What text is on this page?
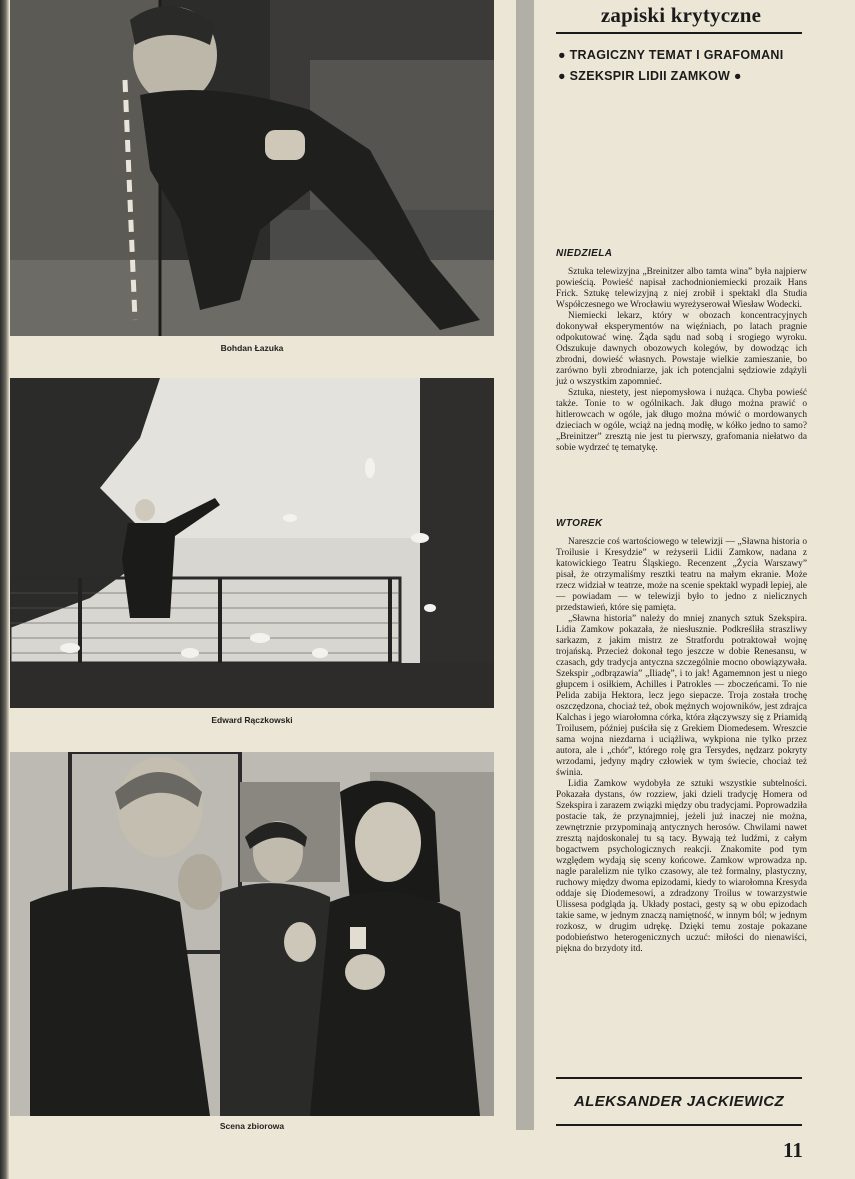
Bohdan Łazuka
Edward Rączkowski
Scena zbiorowa
zapiski krytyczne
● TRAGICZNY TEMAT I GRAFOMANI
● SZEKSPIR LIDII ZAMKOW ●
NIEDZIELA

Sztuka telewizyjna „Breinitzer albo tamta wina” była najpierw powieścią. Powieść napisał zachodnioniemiecki prozaik Hans Frick. Sztukę telewizyjną z niej zrobił i spektakl dla Studia Współczesnego we Wrocławiu wyreżyserował Wiesław Wodecki.

Niemiecki lekarz, który w obozach koncentracyjnych dokonywał eksperymentów na więźniach, po latach pragnie odpokutować winę. Żąda sądu nad sobą i srogiego wyroku. Odszukuje dawnych obozowych kolegów, by dowodząc ich zbrodni, dowieść własnych. Powstaje wielkie zamieszanie, bo zarówno byli zbrodniarze, jak ich potencjalni sędziowie zdążyli już o wszystkim zapomnieć.

Sztuka, niestety, jest niepomysłowa i nużąca. Chyba powieść także. Tonie to w ogólnikach. Jak długo można prawić o hitlerowcach w ogóle, jak długo można mówić o mordowanych dzieciach w ogóle, wciąż na jedną modłę, w kółko jedno to samo? „Breinitzer” zresztą nie jest tu pierwszy, grafomania niełatwo da sobie wydrzeć tę tematykę.

WTOREK

Nareszcie coś wartościowego w telewizji — „Sławna historia o Troilusie i Kresydzie” w reżyserii Lidii Zamkow, nadana z katowickiego Teatru Śląskiego. Recenzent „Życia Warszawy” pisał, że otrzymaliśmy resztki teatru na małym ekranie. Może rzecz widział w teatrze, może na scenie spektakl wypadł lepiej, ale — powiadam — w telewizji było to jedno z nielicznych przedstawień, które się pamięta.

„Sławna historia” należy do mniej znanych sztuk Szekspira. Lidia Zamkow pokazała, że niesłusznie. Podkreśliła straszliwy sarkazm, z jakim mistrz ze Stratfordu potraktował wojnę trojańską. Przecież dokonał tego jeszcze w dobie Renesansu, w czasach, gdy tradycja antyczna szczególnie mocno obowiązywała. Szekspir „odbrązawia” „Iliadę”, i to jak! Agamemnon jest u niego głupcem i osiłkiem, Achilles i Patrokles — zboczeńcami. To nie Pelida zabija Hektora, lecz jego siepacze. Troja została trochę oszczędzona, chociaż też, obok mężnych wojowników, jest zdrajca Kalchas i jego wiarołomna córka, która złączywszy się z Priamidą Troilusem, później puściła się z Grekiem Diomedesem. Wreszcie sama wojna niezdarna i uciążliwa, wykpiona nie tylko przez autora, ale i „chór”, którego rolę gra Tersydes, nędzarz pokryty wrzodami, jedyny mądry człowiek w tym świecie, chociaż też świnia.

Lidia Zamkow wydobyła ze sztuki wszystkie subtelności. Pokazała dystans, ów rozziew, jaki dzieli tradycję Homera od Szekspira i zarazem związki między obu tradycjami. Poprowadziła postacie tak, że przynajmniej, jeżeli już inaczej nie można, zewnętrznie przypominają antycznych herosów. Chwilami nawet zresztą najdoskonalej tu są tacy. Bywają też ludźmi, z całym bogactwem psychologicznych reakcji. Znakomite pod tym względem wydają się sceny końcowe. Zamkow wprowadza np. nagle paralelizm nie tylko czasowy, ale też formalny, plastyczny, ruchowy między dwoma epizodami, kiedy to wiarołomna Kresyda oddaje się Diodemesowi, a zdradzony Troilus w towarzystwie Ulissesa podgląda ją. Układy postaci, gesty są w obu epizodach takie same, w jednym znaczą namiętność, w innym ból; w jednym rozkosz, w drugim udrękę. Dzięki temu zostaje pokazane podobieństwo heterogenicznych uczuć: miłości do nienawiści, piękna do brzydoty itd.

ALEKSANDER JACKIEWICZ
11
